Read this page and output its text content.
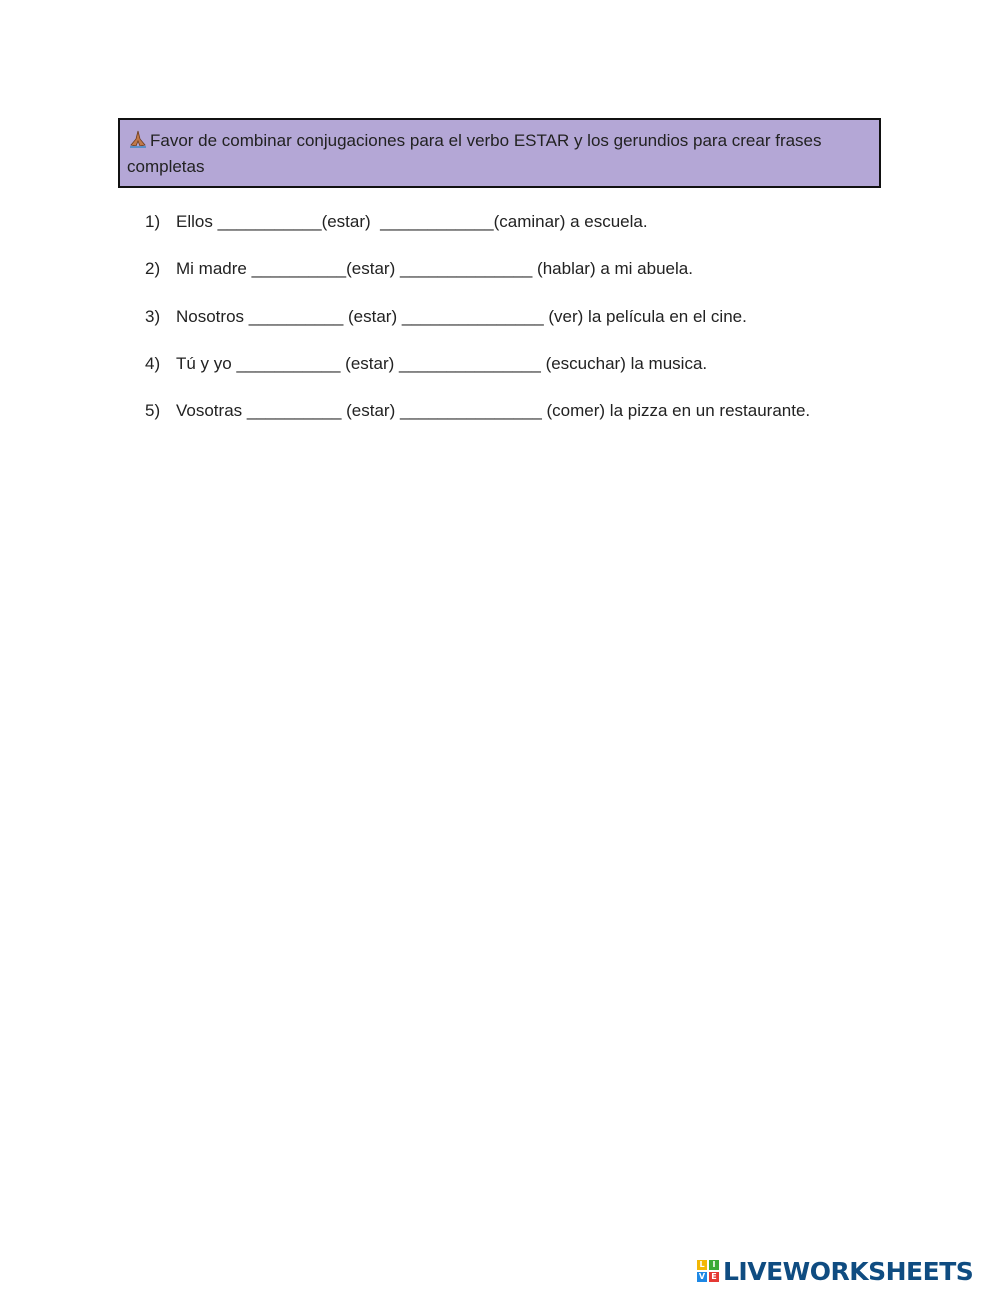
Favor de combinar conjugaciones para el verbo ESTAR y los gerundios para crear frases completas
1) Ellos ___________(estar)  ____________(caminar) a escuela.
2) Mi madre __________(estar) ______________ (hablar) a mi abuela.
3) Nosotros __________ (estar) _______________ (ver) la película en el cine.
4) Tú y yo ___________ (estar) _______________ (escuchar) la musica.
5) Vosotras __________ (estar) _______________ (comer) la pizza en un restaurante.
L I
V E LIVEWORKSHEETS
